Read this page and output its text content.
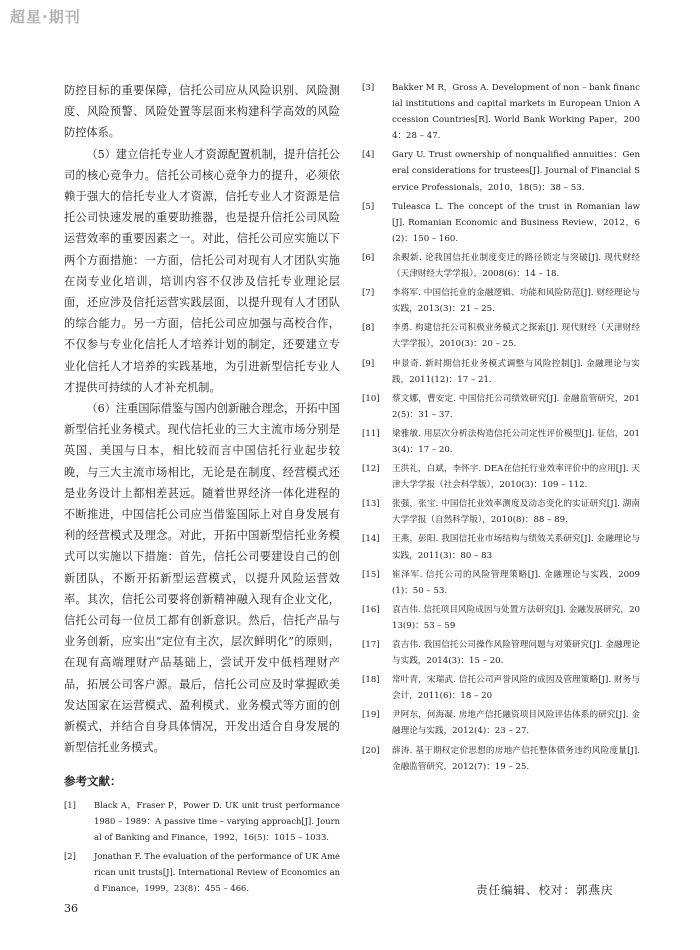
超星·期刊

防控目标的重要保障，信托公司应从风险识别、风险测度、风险预警、风险处置等层面来构建科学高效的风险防控体系。

（5）建立信托专业人才资源配置机制，提升信托公司的核心竞争力。信托公司核心竞争力的提升，必须依赖于强大的信托专业人才资源，信托专业人才资源是信托公司快速发展的重要助推器，也是提升信托公司风险运营效率的重要因素之一。对此，信托公司应实施以下两个方面措施：一方面，信托公司对现有人才团队实施在岗专业化培训，培训内容不仅涉及信托专业理论层面，还应涉及信托运营实践层面，以提升现有人才团队的综合能力。另一方面，信托公司应加强与高校合作，不仅参与专业化信托人才培养计划的制定，还要建立专业化信托人才培养的实践基地，为引进新型信托专业人才提供可持续的人才补充机制。

（6）注重国际借鉴与国内创新融合理念，开拓中国新型信托业务模式。现代信托业的三大主流市场分别是英国、美国与日本，相比较而言中国信托行业起步较晚，与三大主流市场相比，无论是在制度、经营模式还是业务设计上都相差甚远。随着世界经济一体化进程的不断推进，中国信托公司应当借鉴国际上对自身发展有利的经营模式及理念。对此，开拓中国新型信托业务模式可以实施以下措施：首先，信托公司要建设自己的创新团队，不断开拓新型运营模式，以提升风险运营效率。其次，信托公司要将创新精神融入现有企业文化，信托公司每一位员工都有创新意识。然后，信托产品与业务创新，应实出“定位有主次，层次鲜明化”的原则，在现有高端理财产品基础上，尝试开发中低档理财产品，拓展公司客户源。最后，信托公司应及时掌握欧美发达国家在运营模式、盈利模式、业务模式等方面的创新模式，并结合自身具体情况，开发出适合自身发展的新型信托业务模式。

参考文献：
[1]	Black A，Fraser P，Power D. UK unit trust performance 1980 – 1989：A passive time – varying approach[J]. Journal of Banking and Finance，1992，16(5)：1015 – 1033.
[2]	Jonathan F. The evaluation of the performance of UK American unit trusts[J]. International Review of Economics and Finance，1999，23(8)：455 – 466.
[3]	Bakker M R，Gross A. Development of non – bank financial institutions and capital markets in European Union Accession Countries[R]. World Bank Working Paper，2004：28 – 47.
[4]	Gary U. Trust ownership of nonqualified annuities：General considerations for trustees[J]. Journal of Financial Service Professionals，2010，18(5)：38 – 53.
[5]	Tuleasca L. The concept of the trust in Romanian law [J]. Romanian Economic and Business Review，2012，6(2)：150 – 160.
[6]	余覡新. 论我国信托业制度变迁的路径锁定与突破[J]. 现代财经（天津财经大学学报），2008(6)：14 – 18.
[7]	李将军. 中国信托业的金融逻辑、功能和风险防范[J]. 财经理论与实践，2013(3)：21 – 25.
[8]	李勇. 构建信托公司积极业务模式之探索[J]. 现代财经（天津财经大学学报），2010(3)：20 – 25.
[9]	申景奇. 新时期信托业务模式调整与风险控制[J]. 金融理论与实践，2011(12)：17 – 21.
[10]	蔡文娜，曹安定. 中国信托公司绩效研究[J]. 金融监管研究，2012(5)：31 – 37.
[11]	梁雅敏. 用层次分析法构造信托公司定性评价模型[J]. 征信，2013(4)：17 – 20.
[12]	王洪礼，白斌，李怀宇. DEA在信托行业效率评价中的应用[J]. 天津大学学报（社会科学版），2010(3)：109 – 112.
[13]	张强，张宝. 中国信托业效率测度及动态变化的实证研究[J]. 湖南大学学报（自然科学版），2010(8)：88 – 89.
[14]	王燕，彭阳. 我国信托业市场结构与绩效关系研究[J]. 金融理论与实践，2011(3)：80 – 83
[15]	崔泽军. 信托公司的风险管理策略[J]. 金融理论与实践，2009(1)：50 – 53.
[16]	袁吉伟. 信托项目风险成因与处置方法研究[J]. 金融发展研究，2013(9)：53 – 59
[17]	袁吉伟. 我国信托公司操作风险管理问题与对策研究[J]. 金融理论与实践，2014(3)：15 – 20.
[18]	常叶青，宋瑞武. 信托公司声誉风险的成因及管理策略[J]. 财务与会计，2011(6)：18 – 20
[19]	尹阿东，何海凝. 房地产信托融资项目风险评估体系的研究[J]. 金融理论与实践，2012(4)：23 – 27.
[20]	薛涛. 基于期权定价思想的房地产信托整体债务违约风险度量[J]. 金融监管研究，2012(7)：19 – 25.
36
责任编辑、校对：郭燕庆
